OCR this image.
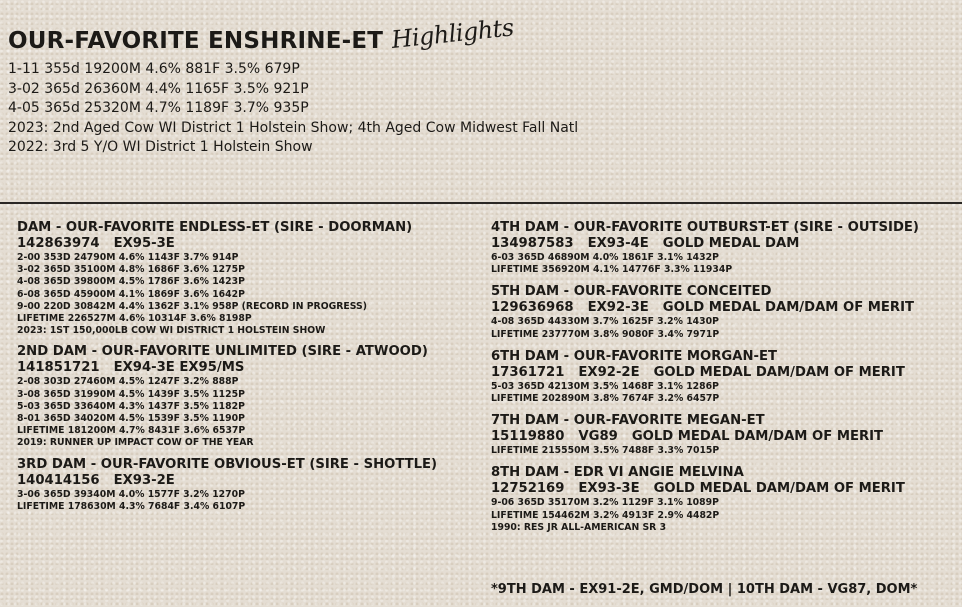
OUR-FAVORITE ENSHRINE-ET Highlights
1-11 355d 19200M 4.6% 881F 3.5% 679P
3-02 365d 26360M 4.4% 1165F 3.5% 921P
4-05 365d 25320M 4.7% 1189F 3.7% 935P
2023: 2nd Aged Cow WI District 1 Holstein Show; 4th Aged Cow Midwest Fall Natl
2022: 3rd 5 Y/O WI District 1 Holstein Show
DAM - OUR-FAVORITE ENDLESS-ET (SIRE - DOORMAN)
142863974 EX95-3E
2-00 353D 24790M 4.6% 1143F 3.7% 914P
3-02 365D 35100M 4.8% 1686F 3.6% 1275P
4-08 365D 39800M 4.5% 1786F 3.6% 1423P
6-08 365D 45900M 4.1% 1869F 3.6% 1642P
9-00 220D 30842M 4.4% 1362F 3.1% 958P (RECORD IN PROGRESS)
LIFETIME 226527M 4.6% 10314F 3.6% 8198P
2023: 1ST 150,000LB COW WI DISTRICT 1 HOLSTEIN SHOW
2ND DAM - OUR-FAVORITE UNLIMITED (SIRE - ATWOOD)
141851721 EX94-3E EX95/MS
2-08 303D 27460M 4.5% 1247F 3.2% 888P
3-08 365D 31990M 4.5% 1439F 3.5% 1125P
5-03 365D 33640M 4.3% 1437F 3.5% 1182P
8-01 365D 34020M 4.5% 1539F 3.5% 1190P
LIFETIME 181200M 4.7% 8431F 3.6% 6537P
2019: RUNNER UP IMPACT COW OF THE YEAR
3RD DAM - OUR-FAVORITE OBVIOUS-ET (SIRE - SHOTTLE)
140414156 EX93-2E
3-06 365D 39340M 4.0% 1577F 3.2% 1270P
LIFETIME 178630M 4.3% 7684F 3.4% 6107P
4TH DAM - OUR-FAVORITE OUTBURST-ET (SIRE - OUTSIDE)
134987583 EX93-4E GOLD MEDAL DAM
6-03 365D 46890M 4.0% 1861F 3.1% 1432P
LIFETIME 356920M 4.1% 14776F 3.3% 11934P
5TH DAM - OUR-FAVORITE CONCEITED
129636968 EX92-3E GOLD MEDAL DAM/DAM OF MERIT
4-08 365D 44330M 3.7% 1625F 3.2% 1430P
LIFETIME 237770M 3.8% 9080F 3.4% 7971P
6TH DAM - OUR-FAVORITE MORGAN-ET
17361721 EX92-2E GOLD MEDAL DAM/DAM OF MERIT
5-03 365D 42130M 3.5% 1468F 3.1% 1286P
LIFETIME 202890M 3.8% 7674F 3.2% 6457P
7TH DAM - OUR-FAVORITE MEGAN-ET
15119880 VG89 GOLD MEDAL DAM/DAM OF MERIT
LIFETIME 215550M 3.5% 7488F 3.3% 7015P
8TH DAM - EDR VI ANGIE MELVINA
12752169 EX93-3E GOLD MEDAL DAM/DAM OF MERIT
9-06 365D 35170M 3.2% 1129F 3.1% 1089P
LIFETIME 154462M 3.2% 4913F 2.9% 4482P
1990: RES JR ALL-AMERICAN SR 3
*9TH DAM - EX91-2E, GMD/DOM | 10TH DAM - VG87, DOM*
